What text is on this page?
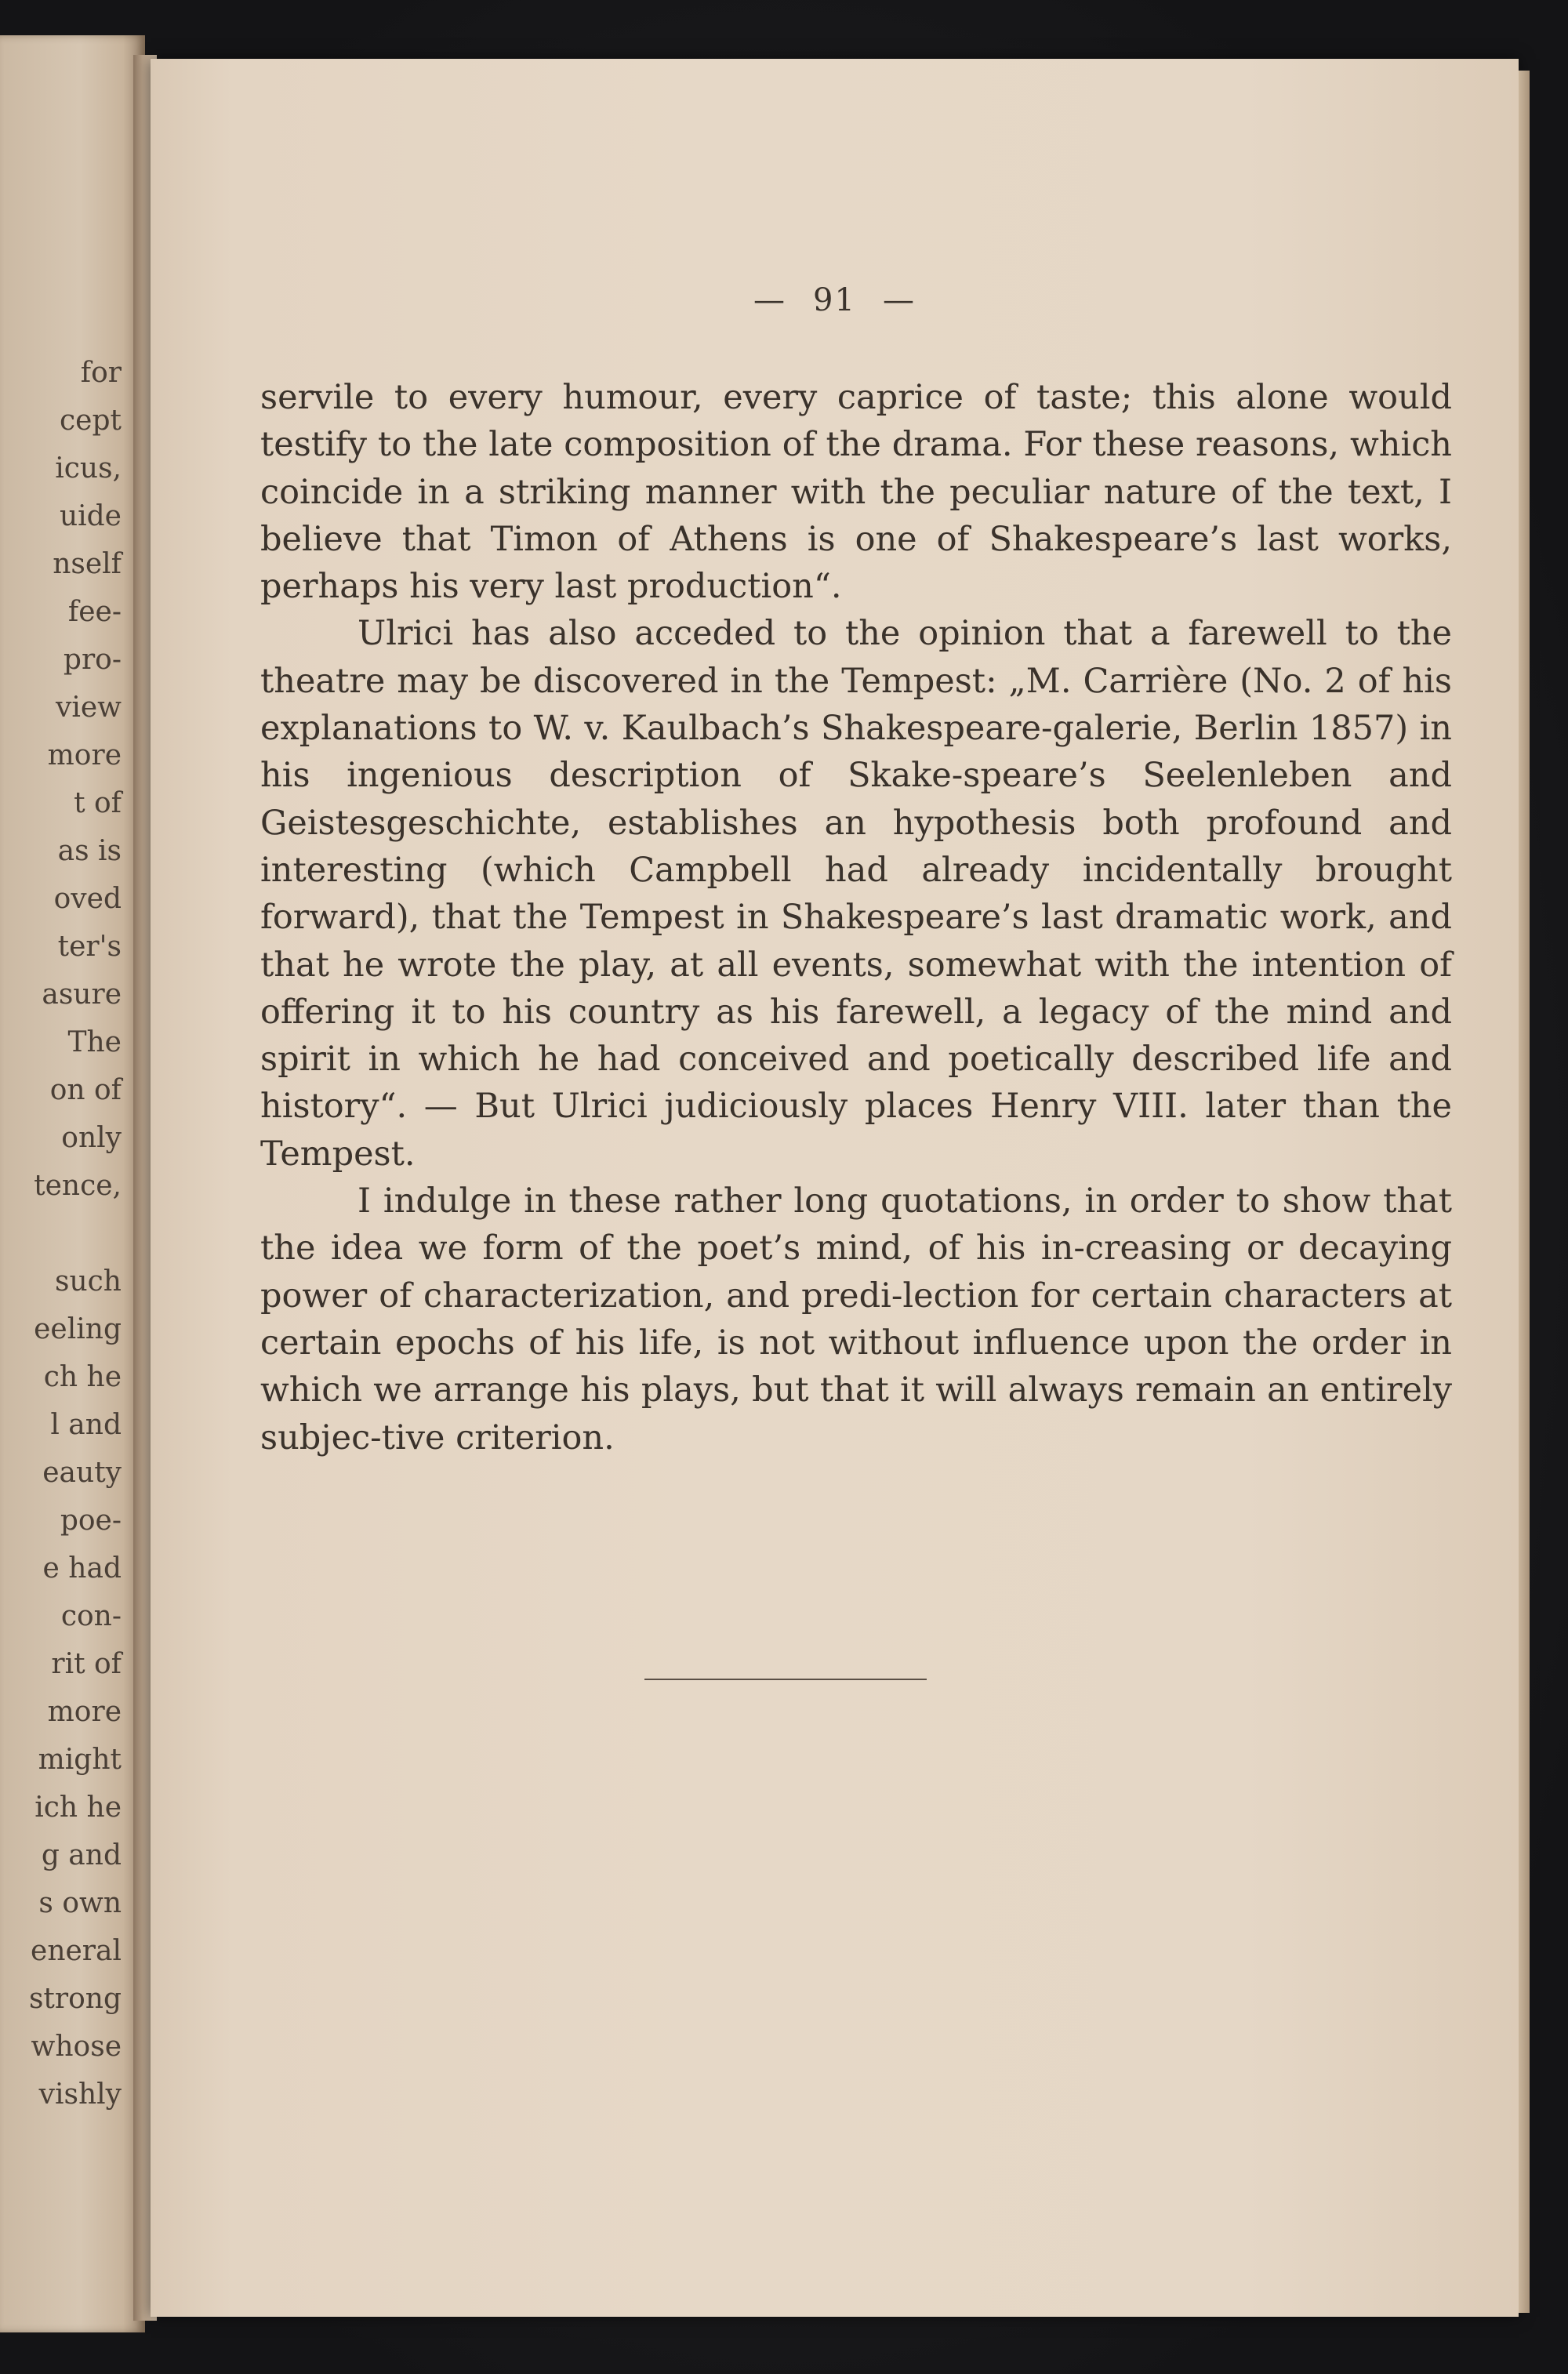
for
cept
icus,
uide
nself
fee-
pro-
view
more
t of
as is
oved
ter's
asure
The
on of
only
tence,
such
eeling
ch he
l and
eauty
poe-
e had
con-
rit of
more
might
ich he
g and
s own
eneral
strong
whose
vishly
— 91 —

servile to every humour, every caprice of taste; this alone would testify to the late composition of the drama. For these reasons, which coincide in a striking manner with the peculiar nature of the text, I believe that Timon of Athens is one of Shakespeare’s last works, perhaps his very last production“.

Ulrici has also acceded to the opinion that a farewell to the theatre may be discovered in the Tempest: „M. Carrière (No. 2 of his explanations to W. v. Kaulbach’s Shakespeare-galerie, Berlin 1857) in his ingenious description of Skake-speare’s Seelenleben and Geistesgeschichte, establishes an hypothesis both profound and interesting (which Campbell had already incidentally brought forward), that the Tempest in Shakespeare’s last dramatic work, and that he wrote the play, at all events, somewhat with the intention of offering it to his country as his farewell, a legacy of the mind and spirit in which he had conceived and poetically described life and history“. — But Ulrici judiciously places Henry VIII. later than the Tempest.

I indulge in these rather long quotations, in order to show that the idea we form of the poet’s mind, of his in-creasing or decaying power of characterization, and predi-lection for certain characters at certain epochs of his life, is not without influence upon the order in which we arrange his plays, but that it will always remain an entirely subjec-tive criterion.
